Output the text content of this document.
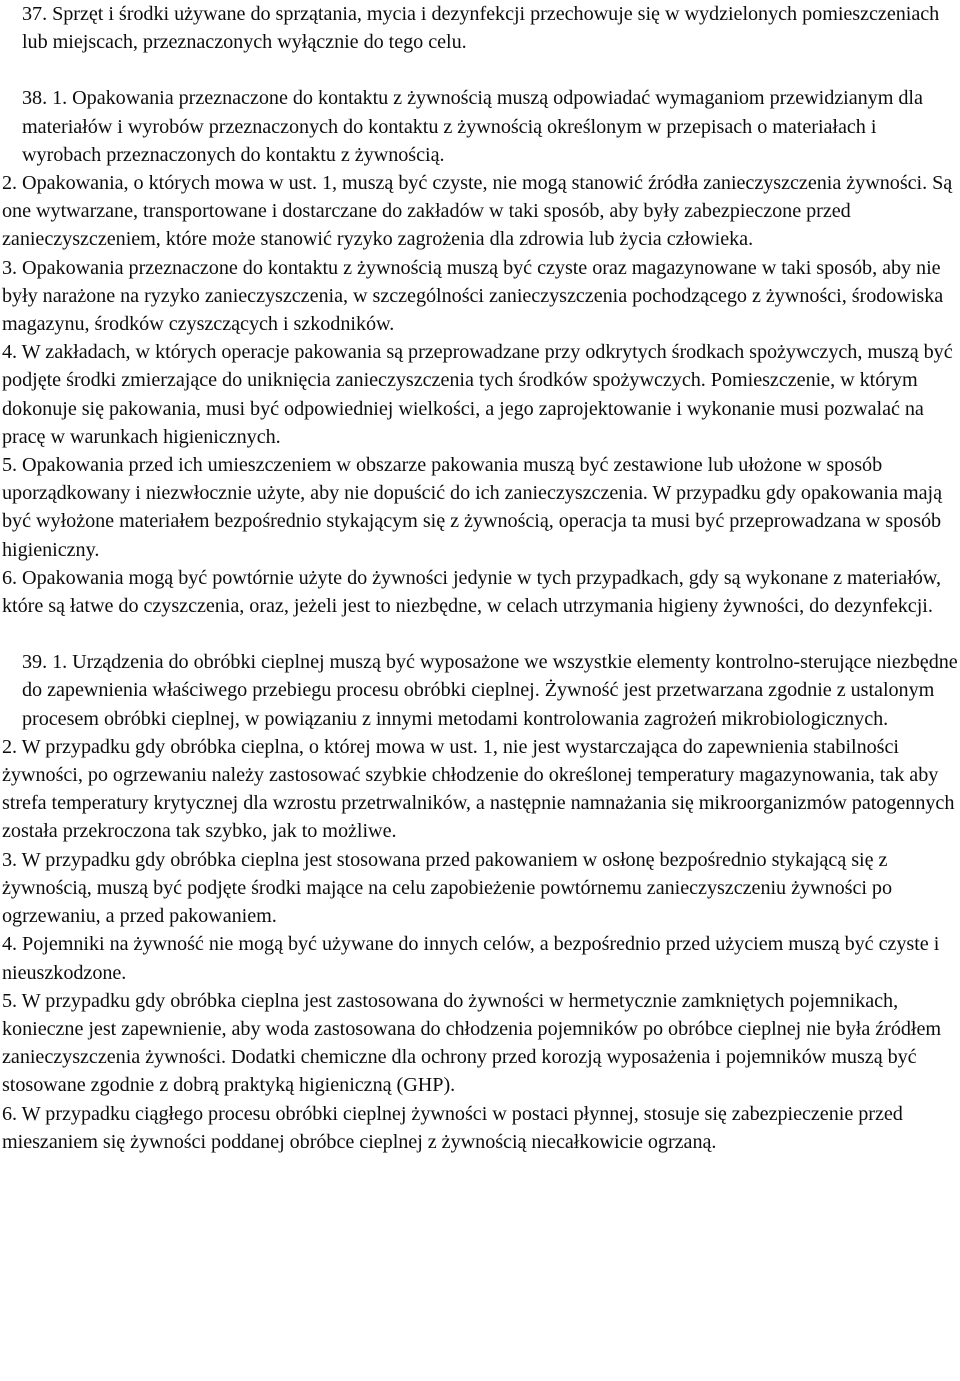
37. Sprzęt i środki używane do sprzątania, mycia i dezynfekcji przechowuje się w wydzielonych pomieszczeniach lub miejscach, przeznaczonych wyłącznie do tego celu.

38. 1. Opakowania przeznaczone do kontaktu z żywnością muszą odpowiadać wymaganiom przewidzianym dla materiałów i wyrobów przeznaczonych do kontaktu z żywnością określonym w przepisach o materiałach i wyrobach przeznaczonych do kontaktu z żywnością.

2. Opakowania, o których mowa w ust. 1, muszą być czyste, nie mogą stanowić źródła zanieczyszczenia żywności. Są one wytwarzane, transportowane i dostarczane do zakładów w taki sposób, aby były zabezpieczone przed zanieczyszczeniem, które może stanowić ryzyko zagrożenia dla zdrowia lub życia człowieka.

3. Opakowania przeznaczone do kontaktu z żywnością muszą być czyste oraz magazynowane w taki sposób, aby nie były narażone na ryzyko zanieczyszczenia, w szczególności zanieczyszczenia pochodzącego z żywności, środowiska magazynu, środków czyszczących i szkodników.

4. W zakładach, w których operacje pakowania są przeprowadzane przy odkrytych środkach spożywczych, muszą być podjęte środki zmierzające do uniknięcia zanieczyszczenia tych środków spożywczych. Pomieszczenie, w którym dokonuje się pakowania, musi być odpowiedniej wielkości, a jego zaprojektowanie i wykonanie musi pozwalać na pracę w warunkach higienicznych.

5. Opakowania przed ich umieszczeniem w obszarze pakowania muszą być zestawione lub ułożone w sposób uporządkowany i niezwłocznie użyte, aby nie dopuścić do ich zanieczyszczenia. W przypadku gdy opakowania mają być wyłożone materiałem bezpośrednio stykającym się z żywnością, operacja ta musi być przeprowadzana w sposób higieniczny.

6. Opakowania mogą być powtórnie użyte do żywności jedynie w tych przypadkach, gdy są wykonane z materiałów, które są łatwe do czyszczenia, oraz, jeżeli jest to niezbędne, w celach utrzymania higieny żywności, do dezynfekcji.

39. 1. Urządzenia do obróbki cieplnej muszą być wyposażone we wszystkie elementy kontrolno-sterujące niezbędne do zapewnienia właściwego przebiegu procesu obróbki cieplnej. Żywność jest przetwarzana zgodnie z ustalonym procesem obróbki cieplnej, w powiązaniu z innymi metodami kontrolowania zagrożeń mikrobiologicznych.

2. W przypadku gdy obróbka cieplna, o której mowa w ust. 1, nie jest wystarczająca do zapewnienia stabilności żywności, po ogrzewaniu należy zastosować szybkie chłodzenie do określonej temperatury magazynowania, tak aby strefa temperatury krytycznej dla wzrostu przetrwalników, a następnie namnażania się mikroorganizmów patogennych została przekroczona tak szybko, jak to możliwe.

3. W przypadku gdy obróbka cieplna jest stosowana przed pakowaniem w osłonę bezpośrednio stykającą się z żywnością, muszą być podjęte środki mające na celu zapobieżenie powtórnemu zanieczyszczeniu żywności po ogrzewaniu, a przed pakowaniem.

4. Pojemniki na żywność nie mogą być używane do innych celów, a bezpośrednio przed użyciem muszą być czyste i nieuszkodzone.

5. W przypadku gdy obróbka cieplna jest zastosowana do żywności w hermetycznie zamkniętych pojemnikach, konieczne jest zapewnienie, aby woda zastosowana do chłodzenia pojemników po obróbce cieplnej nie była źródłem zanieczyszczenia żywności. Dodatki chemiczne dla ochrony przed korozją wyposażenia i pojemników muszą być stosowane zgodnie z dobrą praktyką higieniczną (GHP).

6. W przypadku ciągłego procesu obróbki cieplnej żywności w postaci płynnej, stosuje się zabezpieczenie przed mieszaniem się żywności poddanej obróbce cieplnej z żywnością niecałkowicie ogrzaną.
